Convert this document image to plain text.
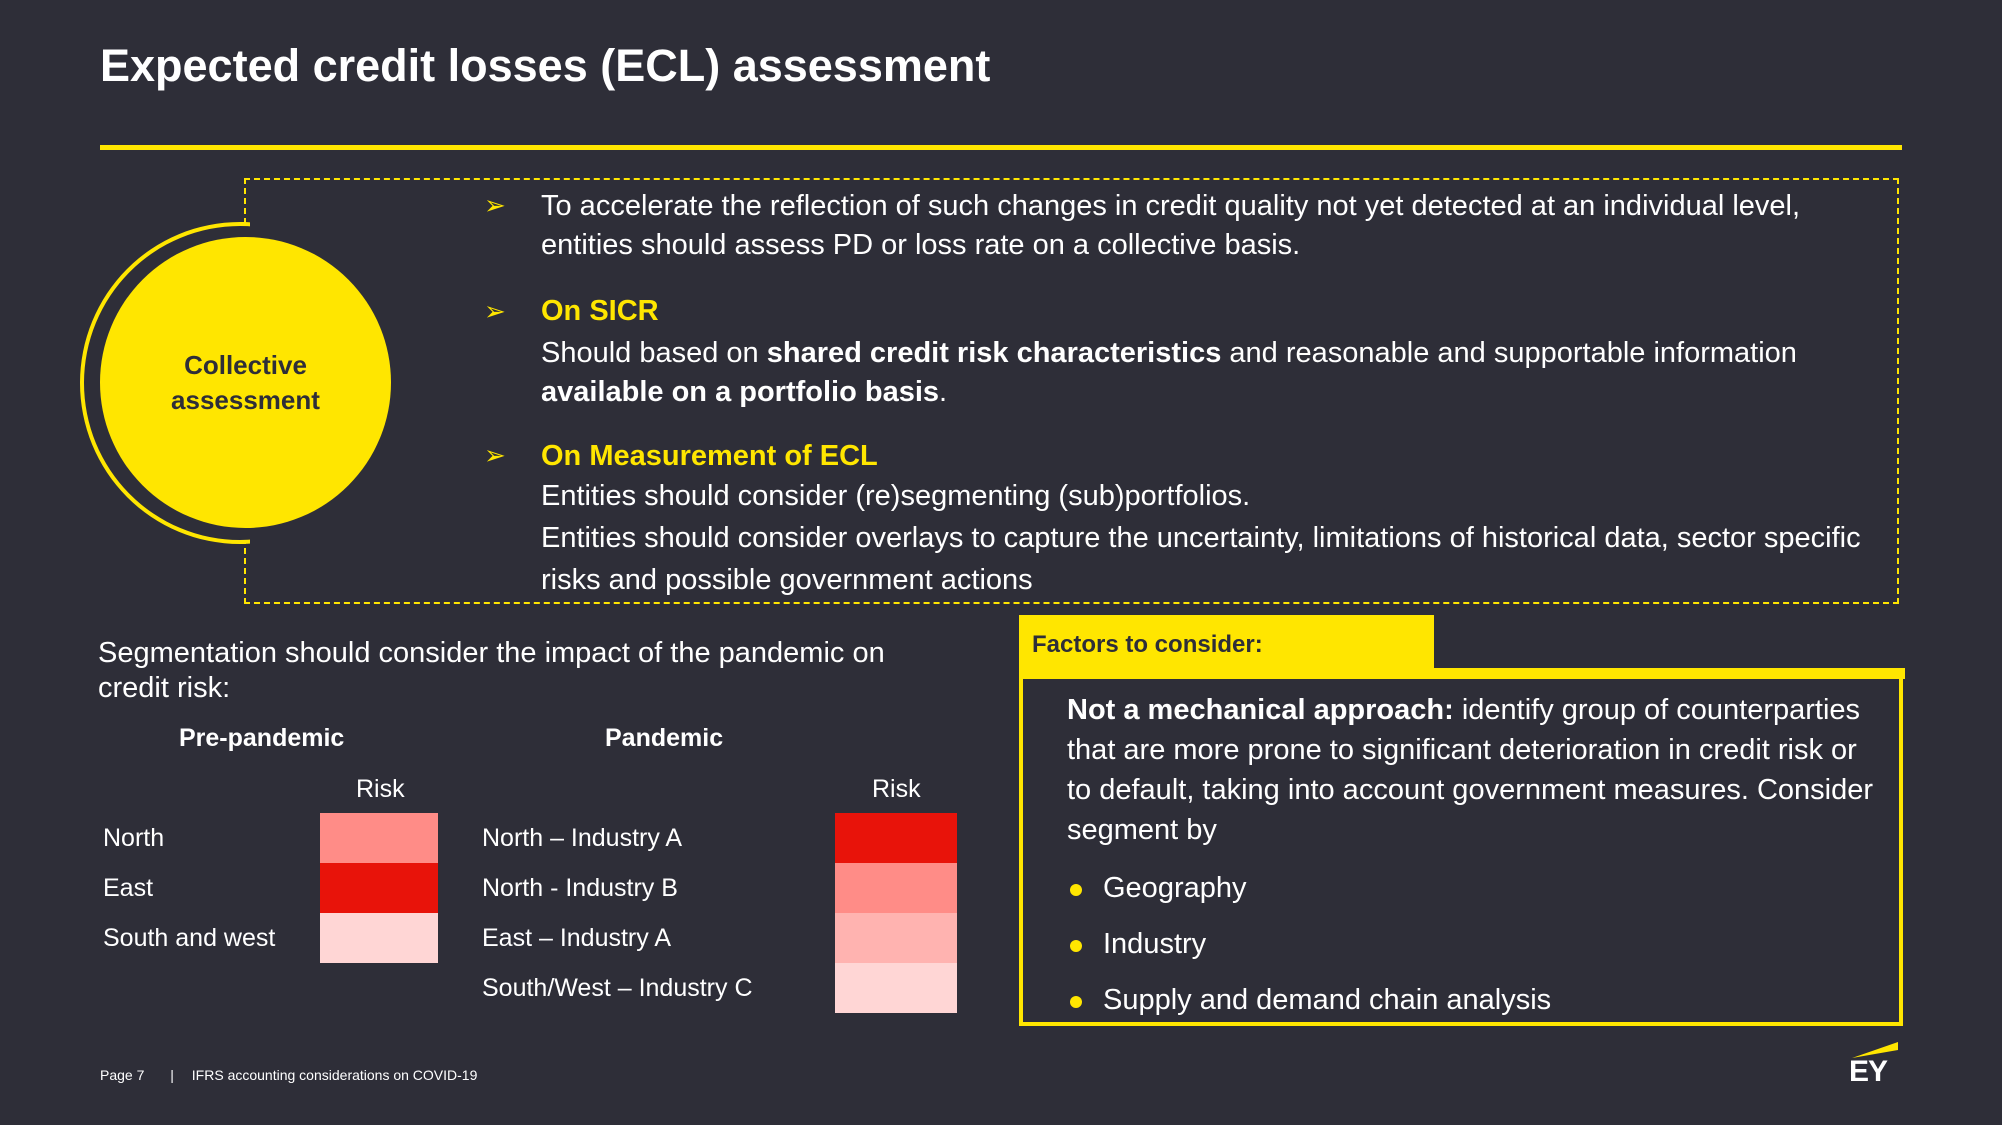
Expected credit losses (ECL) assessment
Collective
assessment
➢ To accelerate the reflection of such changes in credit quality not yet detected at an individual level, entities should assess PD or loss rate on a collective basis.
➢ On SICR
Should based on shared credit risk characteristics and reasonable and supportable information available on a portfolio basis.
➢ On Measurement of ECL
Entities should consider (re)segmenting (sub)portfolios.
Entities should consider overlays to capture the uncertainty, limitations of historical data, sector specific risks and possible government actions
Segmentation should consider the impact of the pandemic on credit risk:
Pre-pandemic	Pandemic
Risk	Risk
North
East
South and west
North – Industry A
North - Industry B
East – Industry A
South/West – Industry C
Factors to consider:
Not a mechanical approach: identify group of counterparties that are more prone to significant deterioration in credit risk or to default, taking into account government measures. Consider segment by
Geography
Industry
Supply and demand chain analysis
Page 7 | IFRS accounting considerations on COVID-19	EY
